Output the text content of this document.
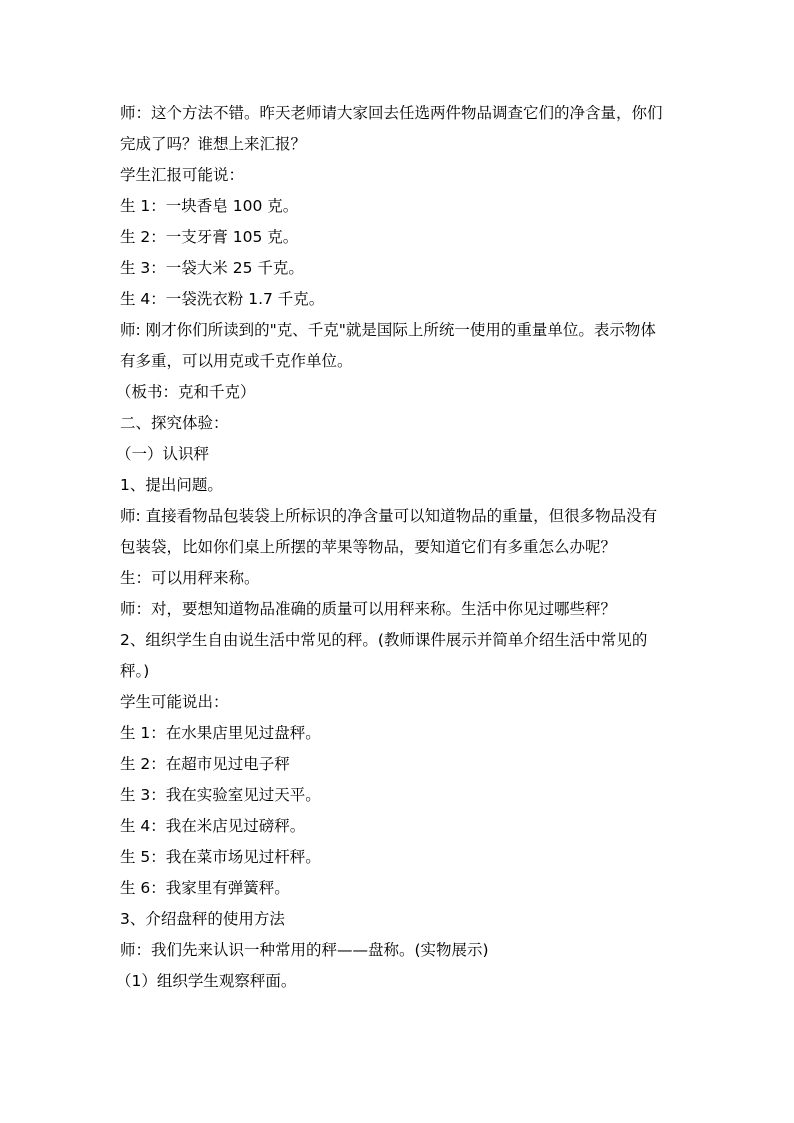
师：这个方法不错。昨天老师请大家回去任选两件物品调查它们的净含量，你们

完成了吗？谁想上来汇报？

学生汇报可能说：

生 1：一块香皂 100 克。

生 2：一支牙膏 105 克。

生 3：一袋大米 25 千克。

生 4：一袋洗衣粉 1.7 千克。

师: 刚才你们所读到的"克、千克"就是国际上所统一使用的重量单位。表示物体

有多重，可以用克或千克作单位。

（板书：克和千克）

二、探究体验：

（一）认识秤

1、提出问题。

师: 直接看物品包装袋上所标识的净含量可以知道物品的重量，但很多物品没有

包装袋，比如你们桌上所摆的苹果等物品，要知道它们有多重怎么办呢？

生：可以用秤来称。

师：对，要想知道物品准确的质量可以用秤来称。生活中你见过哪些秤？

2、组织学生自由说生活中常见的秤。(教师课件展示并简单介绍生活中常见的

秤。)

学生可能说出：

生 1：在水果店里见过盘秤。

生 2：在超市见过电子秤

生 3：我在实验室见过天平。

生 4：我在米店见过磅秤。

生 5：我在菜市场见过杆秤。

生 6：我家里有弹簧秤。

3、介绍盘秤的使用方法

师：我们先来认识一种常用的秤——盘称。(实物展示)

（1）组织学生观察秤面。
